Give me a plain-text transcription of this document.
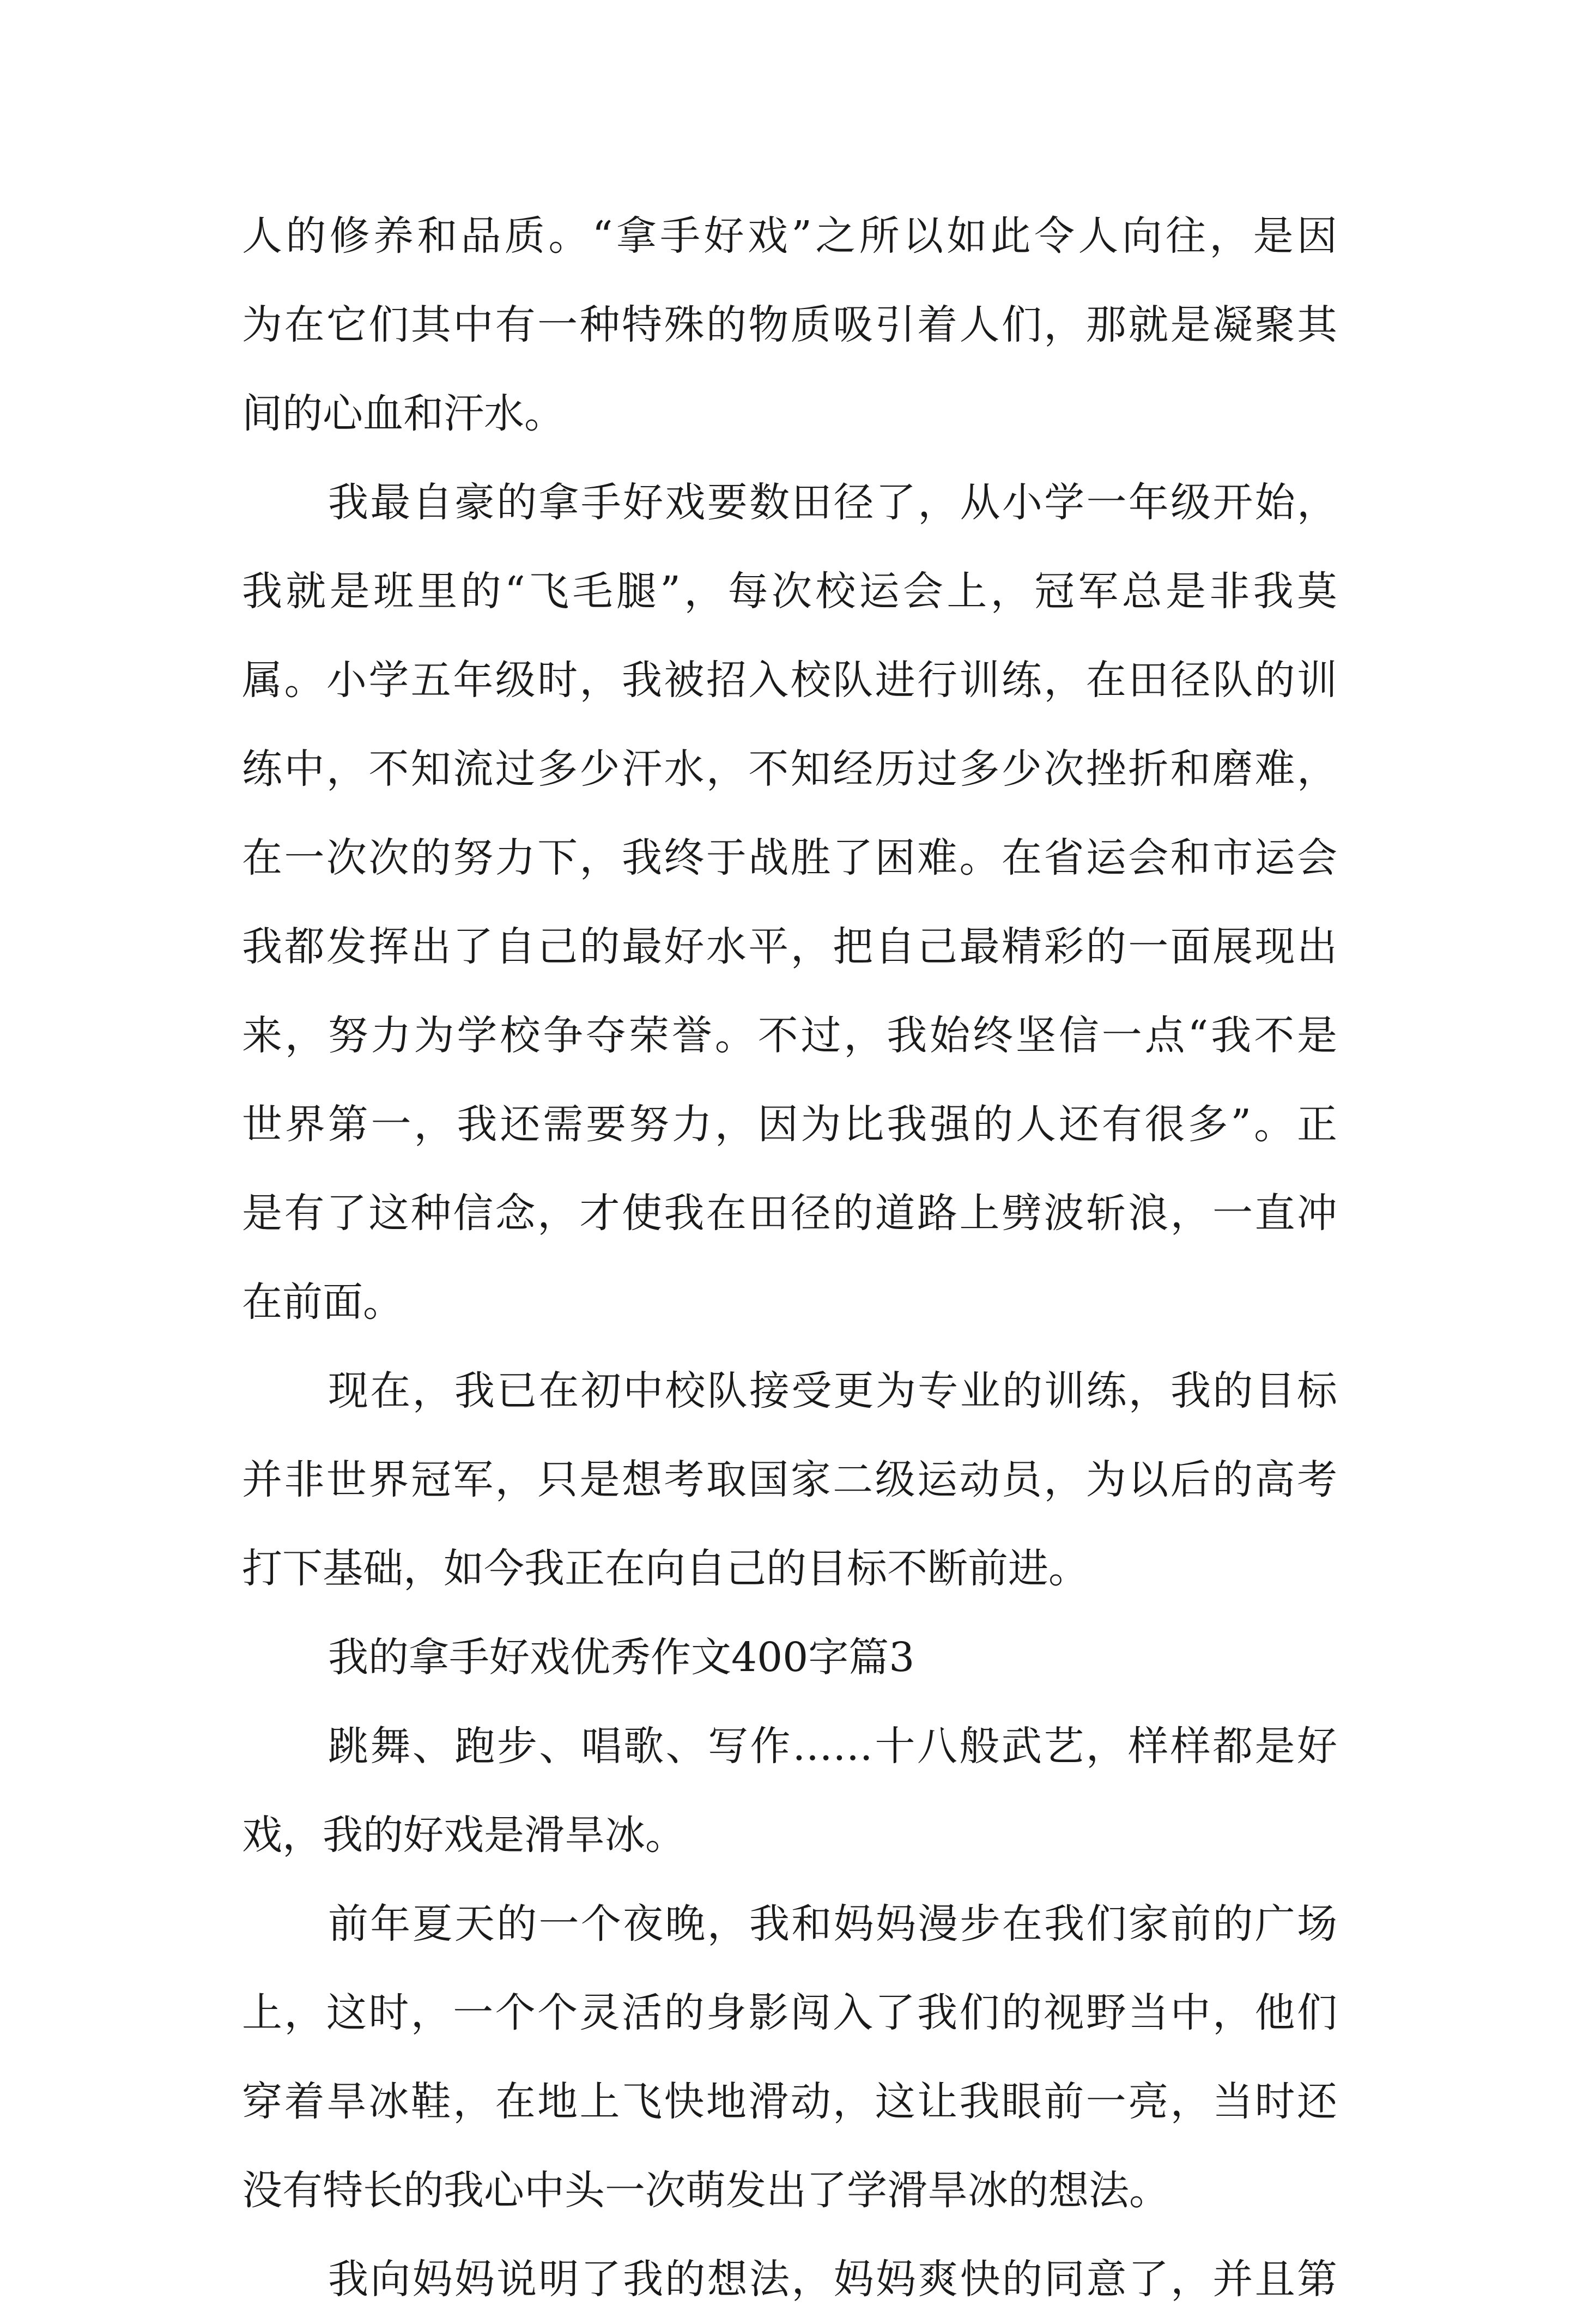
人的修养和品质。“拿手好戏”之所以如此令人向往，是因
为在它们其中有一种特殊的物质吸引着人们，那就是凝聚其
间的心血和汗水。
我最自豪的拿手好戏要数田径了，从小学一年级开始，
我就是班里的“飞毛腿”，每次校运会上，冠军总是非我莫
属。小学五年级时，我被招入校队进行训练，在田径队的训
练中，不知流过多少汗水，不知经历过多少次挫折和磨难，
在一次次的努力下，我终于战胜了困难。在省运会和市运会
我都发挥出了自己的最好水平，把自己最精彩的一面展现出
来，努力为学校争夺荣誉。不过，我始终坚信一点“我不是
世界第一，我还需要努力，因为比我强的人还有很多”。正
是有了这种信念，才使我在田径的道路上劈波斩浪，一直冲
在前面。
现在，我已在初中校队接受更为专业的训练，我的目标
并非世界冠军，只是想考取国家二级运动员，为以后的高考
打下基础，如今我正在向自己的目标不断前进。
我的拿手好戏优秀作文400字篇3
跳舞、跑步、唱歌、写作……十八般武艺，样样都是好
戏，我的好戏是滑旱冰。
前年夏天的一个夜晚，我和妈妈漫步在我们家前的广场
上，这时，一个个灵活的身影闯入了我们的视野当中，他们
穿着旱冰鞋，在地上飞快地滑动，这让我眼前一亮，当时还
没有特长的我心中头一次萌发出了学滑旱冰的想法。
我向妈妈说明了我的想法，妈妈爽快的同意了，并且第
